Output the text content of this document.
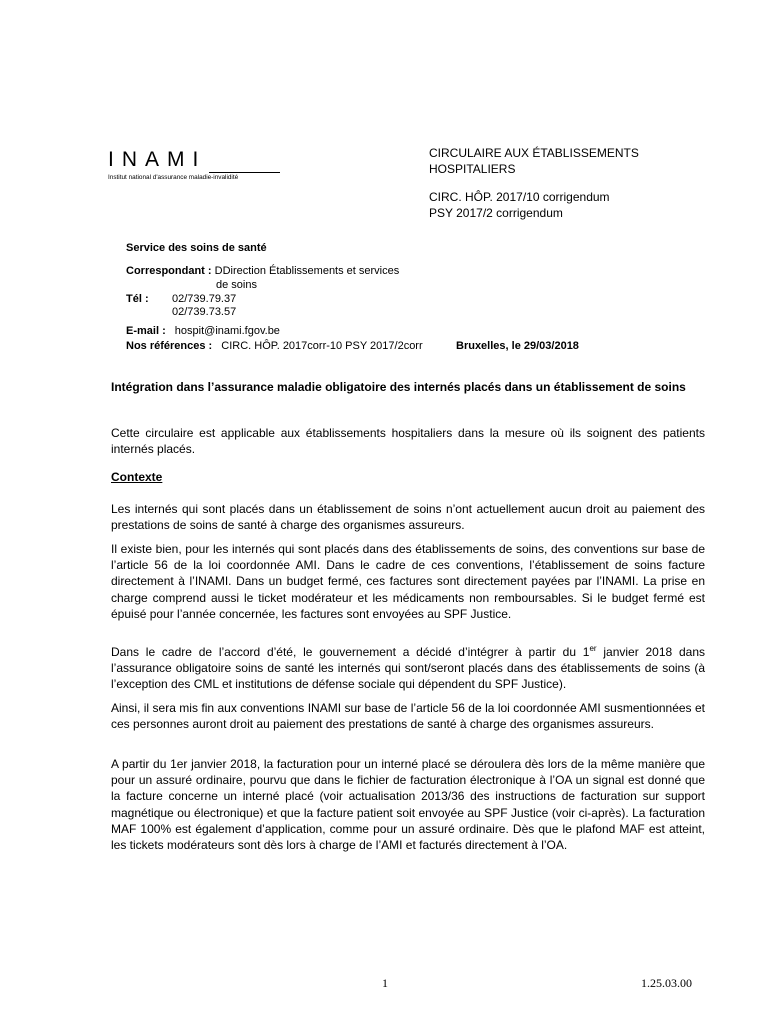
INAMI
Institut national d'assurance maladie-invalidité

CIRCULAIRE AUX ÉTABLISSEMENTS

HOSPITALIERS

CIRC. HÔP. 2017/10 corrigendum

PSY 2017/2 corrigendum

Service des soins de santé
Correspondant : DDirection Établissements et services
de soins
Tél : 02/739.79.37
02/739.73.57
E-mail : hospit@inami.fgov.be
Nos références : CIRC. HÔP. 2017corr-10 PSY 2017/2corr	Bruxelles, le 29/03/2018

Intégration dans l’assurance maladie obligatoire des internés placés dans un établissement de soins

Cette circulaire est applicable aux établissements hospitaliers dans la mesure où ils soignent des patients internés placés.

Contexte

Les internés qui sont placés dans un établissement de soins n’ont actuellement aucun droit au paiement des prestations de soins de santé à charge des organismes assureurs.

Il existe bien, pour les internés qui sont placés dans des établissements de soins, des conventions sur base de l’article 56 de la loi coordonnée AMI. Dans le cadre de ces conventions, l’établissement de soins facture directement à l’INAMI. Dans un budget fermé, ces factures sont directement payées par l’INAMI. La prise en charge comprend aussi le ticket modérateur et les médicaments non remboursables. Si le budget fermé est épuisé pour l’année concernée, les factures sont envoyées au SPF Justice.

Dans le cadre de l’accord d’été, le gouvernement a décidé d’intégrer à partir du 1er janvier 2018 dans l’assurance obligatoire soins de santé les internés qui sont/seront placés dans des établissements de soins (à l’exception des CML et institutions de défense sociale qui dépendent du SPF Justice).

Ainsi, il sera mis fin aux conventions INAMI sur base de l’article 56 de la loi coordonnée AMI susmentionnées et ces personnes auront droit au paiement des prestations de santé à charge des organismes assureurs.

A partir du 1er janvier 2018, la facturation pour un interné placé se déroulera dès lors de la même manière que pour un assuré ordinaire, pourvu que dans le fichier de facturation électronique à l’OA un signal est donné que la facture concerne un interné placé (voir actualisation 2013/36 des instructions de facturation sur support magnétique ou électronique) et que la facture patient soit envoyée au SPF Justice (voir ci-après). La facturation MAF 100% est également d’application, comme pour un assuré ordinaire. Dès que le plafond MAF est atteint, les tickets modérateurs sont dès lors à charge de l’AMI et facturés directement à l’OA.

1	1.25.03.00
